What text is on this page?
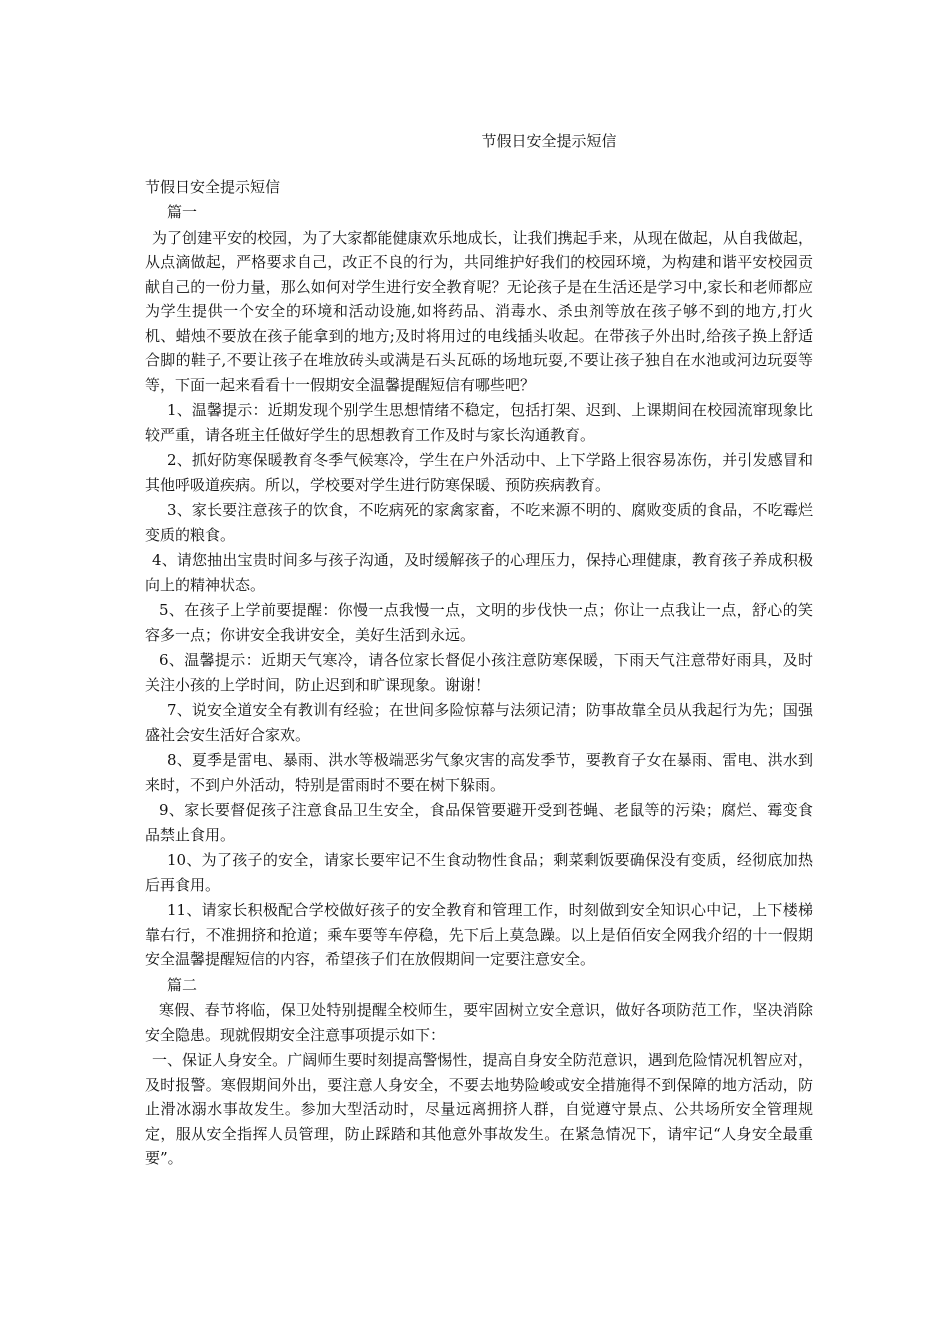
节假日安全提示短信
节假日安全提示短信

篇一

为了创建平安的校园，为了大家都能健康欢乐地成长，让我们携起手来，从现在做起，从自我做起，从点滴做起，严格要求自己，改正不良的行为，共同维护好我们的校园环境，为构建和谐平安校园贡献自己的一份力量，那么如何对学生进行安全教育呢？无论孩子是在生活还是学习中,家长和老师都应为学生提供一个安全的环境和活动设施,如将药品、消毒水、杀虫剂等放在孩子够不到的地方,打火机、蜡烛不要放在孩子能拿到的地方;及时将用过的电线插头收起。在带孩子外出时,给孩子换上舒适合脚的鞋子,不要让孩子在堆放砖头或满是石头瓦砾的场地玩耍,不要让孩子独自在水池或河边玩耍等等，下面一起来看看十一假期安全温馨提醒短信有哪些吧？

1、温馨提示：近期发现个别学生思想情绪不稳定，包括打架、迟到、上课期间在校园流窜现象比较严重，请各班主任做好学生的思想教育工作及时与家长沟通教育。

2、抓好防寒保暖教育冬季气候寒冷，学生在户外活动中、上下学路上很容易冻伤，并引发感冒和其他呼吸道疾病。所以，学校要对学生进行防寒保暖、预防疾病教育。

3、家长要注意孩子的饮食，不吃病死的家禽家畜，不吃来源不明的、腐败变质的食品，不吃霉烂变质的粮食。

4、请您抽出宝贵时间多与孩子沟通，及时缓解孩子的心理压力，保持心理健康，教育孩子养成积极向上的精神状态。

5、在孩子上学前要提醒：你慢一点我慢一点，文明的步伐快一点；你让一点我让一点，舒心的笑容多一点；你讲安全我讲安全，美好生活到永远。

6、温馨提示：近期天气寒冷，请各位家长督促小孩注意防寒保暖，下雨天气注意带好雨具，及时关注小孩的上学时间，防止迟到和旷课现象。谢谢！

7、说安全道安全有教训有经验；在世间多险惊幕与法须记清；防事故靠全员从我起行为先；国强盛社会安生活好合家欢。

8、夏季是雷电、暴雨、洪水等极端恶劣气象灾害的高发季节，要教育子女在暴雨、雷电、洪水到来时，不到户外活动，特别是雷雨时不要在树下躲雨。

9、家长要督促孩子注意食品卫生安全，食品保管要避开受到苍蝇、老鼠等的污染；腐烂、霉变食品禁止食用。

10、为了孩子的安全，请家长要牢记不生食动物性食品；剩菜剩饭要确保没有变质，经彻底加热后再食用。

11、请家长积极配合学校做好孩子的安全教育和管理工作，时刻做到安全知识心中记，上下楼梯靠右行，不准拥挤和抢道；乘车要等车停稳，先下后上莫急躁。以上是佰佰安全网我介绍的十一假期安全温馨提醒短信的内容，希望孩子们在放假期间一定要注意安全。

篇二

寒假、春节将临，保卫处特别提醒全校师生，要牢固树立安全意识，做好各项防范工作，坚决消除安全隐患。现就假期安全注意事项提示如下：

一、保证人身安全。广阔师生要时刻提高警惕性，提高自身安全防范意识，遇到危险情况机智应对，及时报警。寒假期间外出，要注意人身安全，不要去地势险峻或安全措施得不到保障的地方活动，防止滑冰溺水事故发生。参加大型活动时，尽量远离拥挤人群，自觉遵守景点、公共场所安全管理规定，服从安全指挥人员管理，防止踩踏和其他意外事故发生。在紧急情况下，请牢记“人身安全最重要”。
